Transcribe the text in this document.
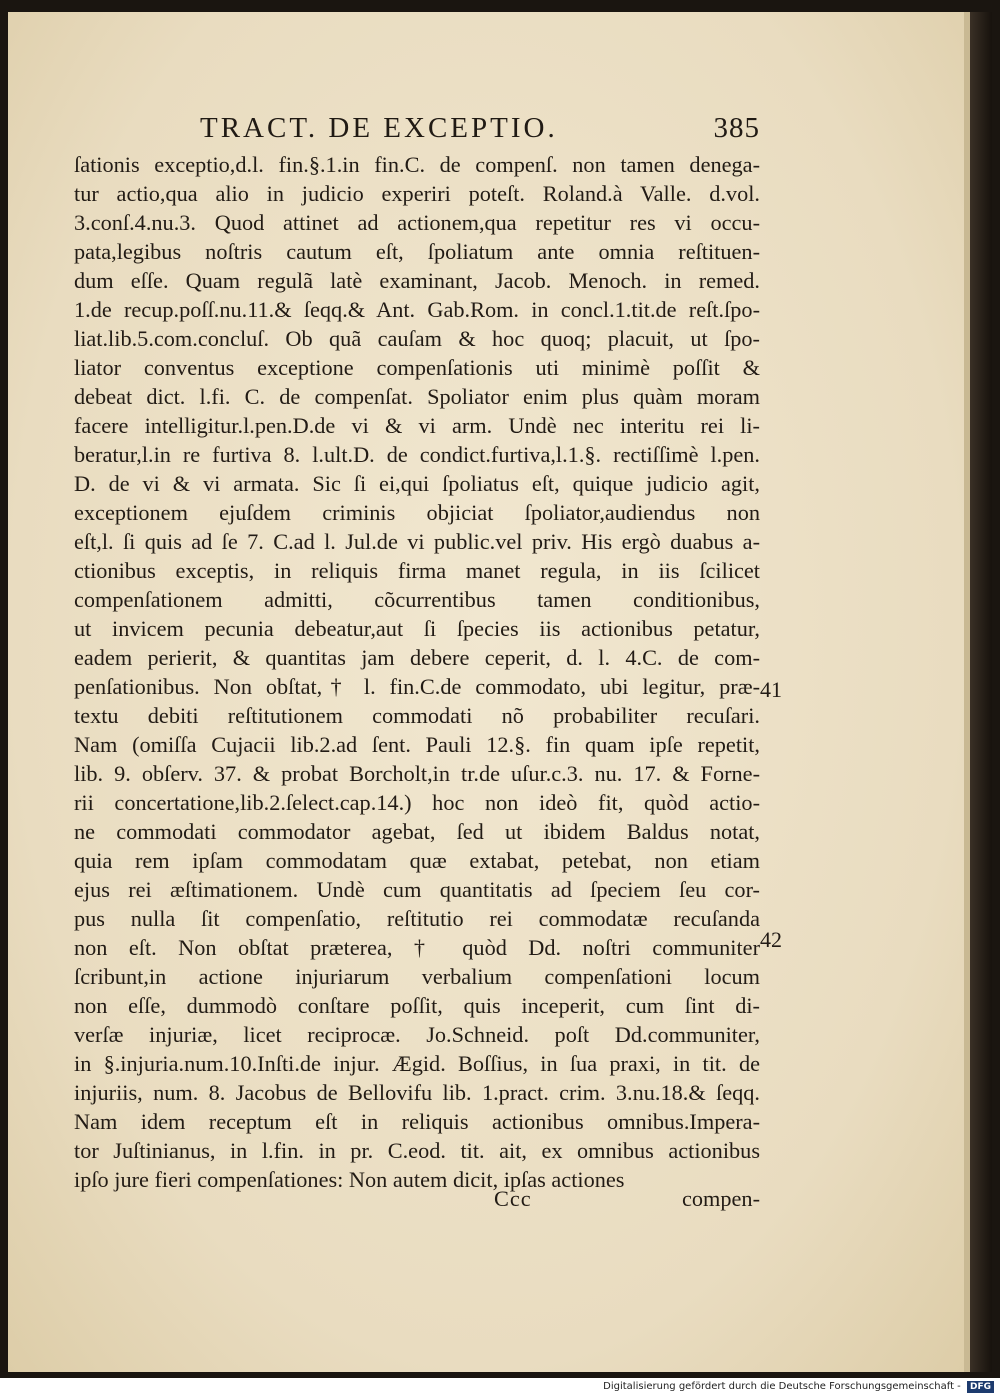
TRACT. DE EXCEPTIO.	385
ſationis exceptio,d.l. fin.§.1.in fin.C. de compenſ. non tamen denega-
tur actio,qua alio in judicio experiri poteſt. Roland.à Valle. d.vol.
3.conſ.4.nu.3. Quod attinet ad actionem,qua repetitur res vi occu-
pata,legibus noſtris cautum eſt, ſpoliatum ante omnia reſtituen-
dum eſſe. Quam regulã latè examinant, Jacob. Menoch. in remed.
1.de recup.poſſ.nu.11.& ſeqq.& Ant. Gab.Rom. in concl.1.tit.de reſt.ſpo-
liat.lib.5.com.concluſ. Ob quã cauſam & hoc quoq; placuit, ut ſpo-
liator conventus exceptione compenſationis uti minimè poſſit &
debeat dict. l.fi. C. de compenſat. Spoliator enim plus quàm moram
facere intelligitur.l.pen.D.de vi & vi arm. Undè nec interitu rei li-
beratur,l.in re furtiva 8. l.ult.D. de condict.furtiva,l.1.§. rectiſſimè l.pen.
D. de vi & vi armata. Sic ſi ei,qui ſpoliatus eſt, quique judicio agit,
exceptionem ejuſdem criminis objiciat ſpoliator,audiendus non
eſt,l. ſi quis ad ſe 7. C.ad l. Jul.de vi public.vel priv. His ergò duabus a-
ctionibus exceptis, in reliquis firma manet regula, in iis ſcilicet
compenſationem admitti, cõcurrentibus tamen conditionibus,
ut invicem pecunia debeatur,aut ſi ſpecies iis actionibus petatur,
eadem perierit, & quantitas jam debere ceperit, d. l. 4.C. de com-
penſationibus. Non obſtat,† l. fin.C.de commodato, ubi legitur, præ-
textu debiti reſtitutionem commodati nõ probabiliter recuſari.
Nam (omiſſa Cujacii lib.2.ad ſent. Pauli 12.§. fin quam ipſe repetit,
lib. 9. obſerv. 37. & probat Borcholt,in tr.de uſur.c.3. nu. 17. & Forne-
rii concertatione,lib.2.ſelect.cap.14.) hoc non ideò fit, quòd actio-
ne commodati commodator agebat, ſed ut ibidem Baldus notat,
quia rem ipſam commodatam quæ extabat, petebat, non etiam
ejus rei æſtimationem. Undè cum quantitatis ad ſpeciem ſeu cor-
pus nulla ſit compenſatio, reſtitutio rei commodatæ recuſanda
non eſt. Non obſtat præterea, † quòd Dd. noſtri communiter
ſcribunt,in actione injuriarum verbalium compenſationi locum
non eſſe, dummodò conſtare poſſit, quis inceperit, cum ſint di-
verſæ injuriæ, licet reciprocæ. Jo.Schneid. poſt Dd.communiter,
in §.injuria.num.10.Inſti.de injur. Ægid. Boſſius, in ſua praxi, in tit. de
injuriis, num. 8. Jacobus de Bellovifu lib. 1.pract. crim. 3.nu.18.& ſeqq.
Nam idem receptum eſt in reliquis actionibus omnibus.Impera-
tor Juſtinianus, in l.fin. in pr. C.eod. tit. ait, ex omnibus actionibus
ipſo jure fieri compenſationes: Non autem dicit, ipſas actiones
41
42
Ccc	compen-
Digitalisierung gefördert durch die Deutsche Forschungsgemeinschaft - DFG
